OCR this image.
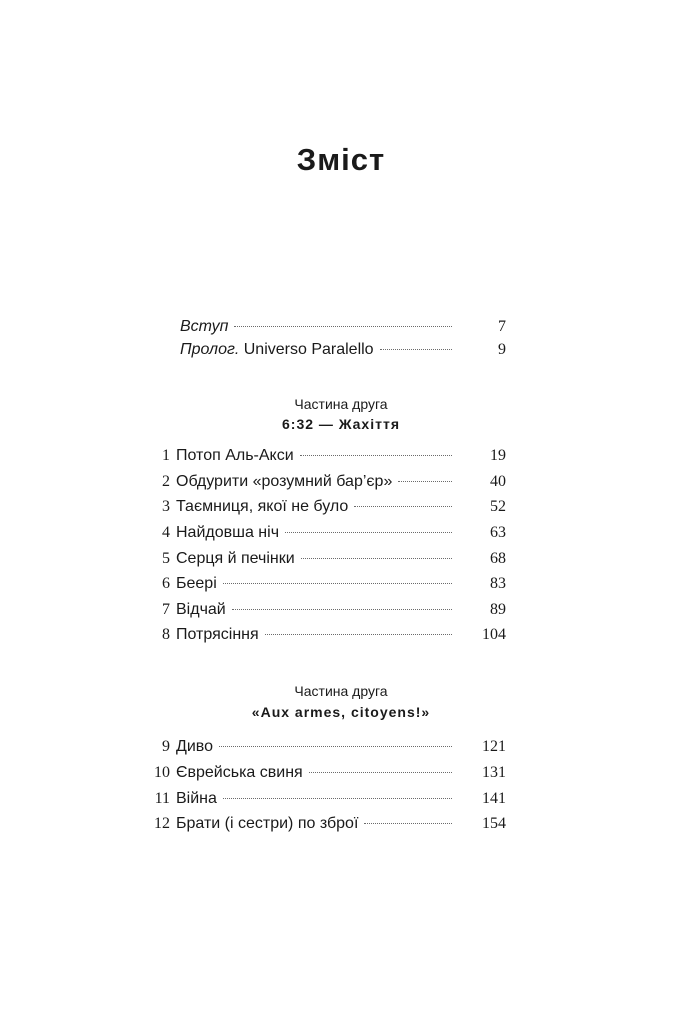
Зміст
Вступ	7
Пролог. Universo Paralello	9
Частина друга
6:32 — Жахіття
1 Потоп Аль-Акси	19
2 Обдурити «розумний бар’єр»	40
3 Таємниця, якої не було	52
4 Найдовша ніч	63
5 Серця й печінки	68
6 Беері	83
7 Відчай	89
8 Потрясіння	104
Частина друга
«Aux armes, citoyens!»
9 Диво	121
10 Єврейська свиня	131
11 Війна	141
12 Брати (і сестри) по зброї	154
